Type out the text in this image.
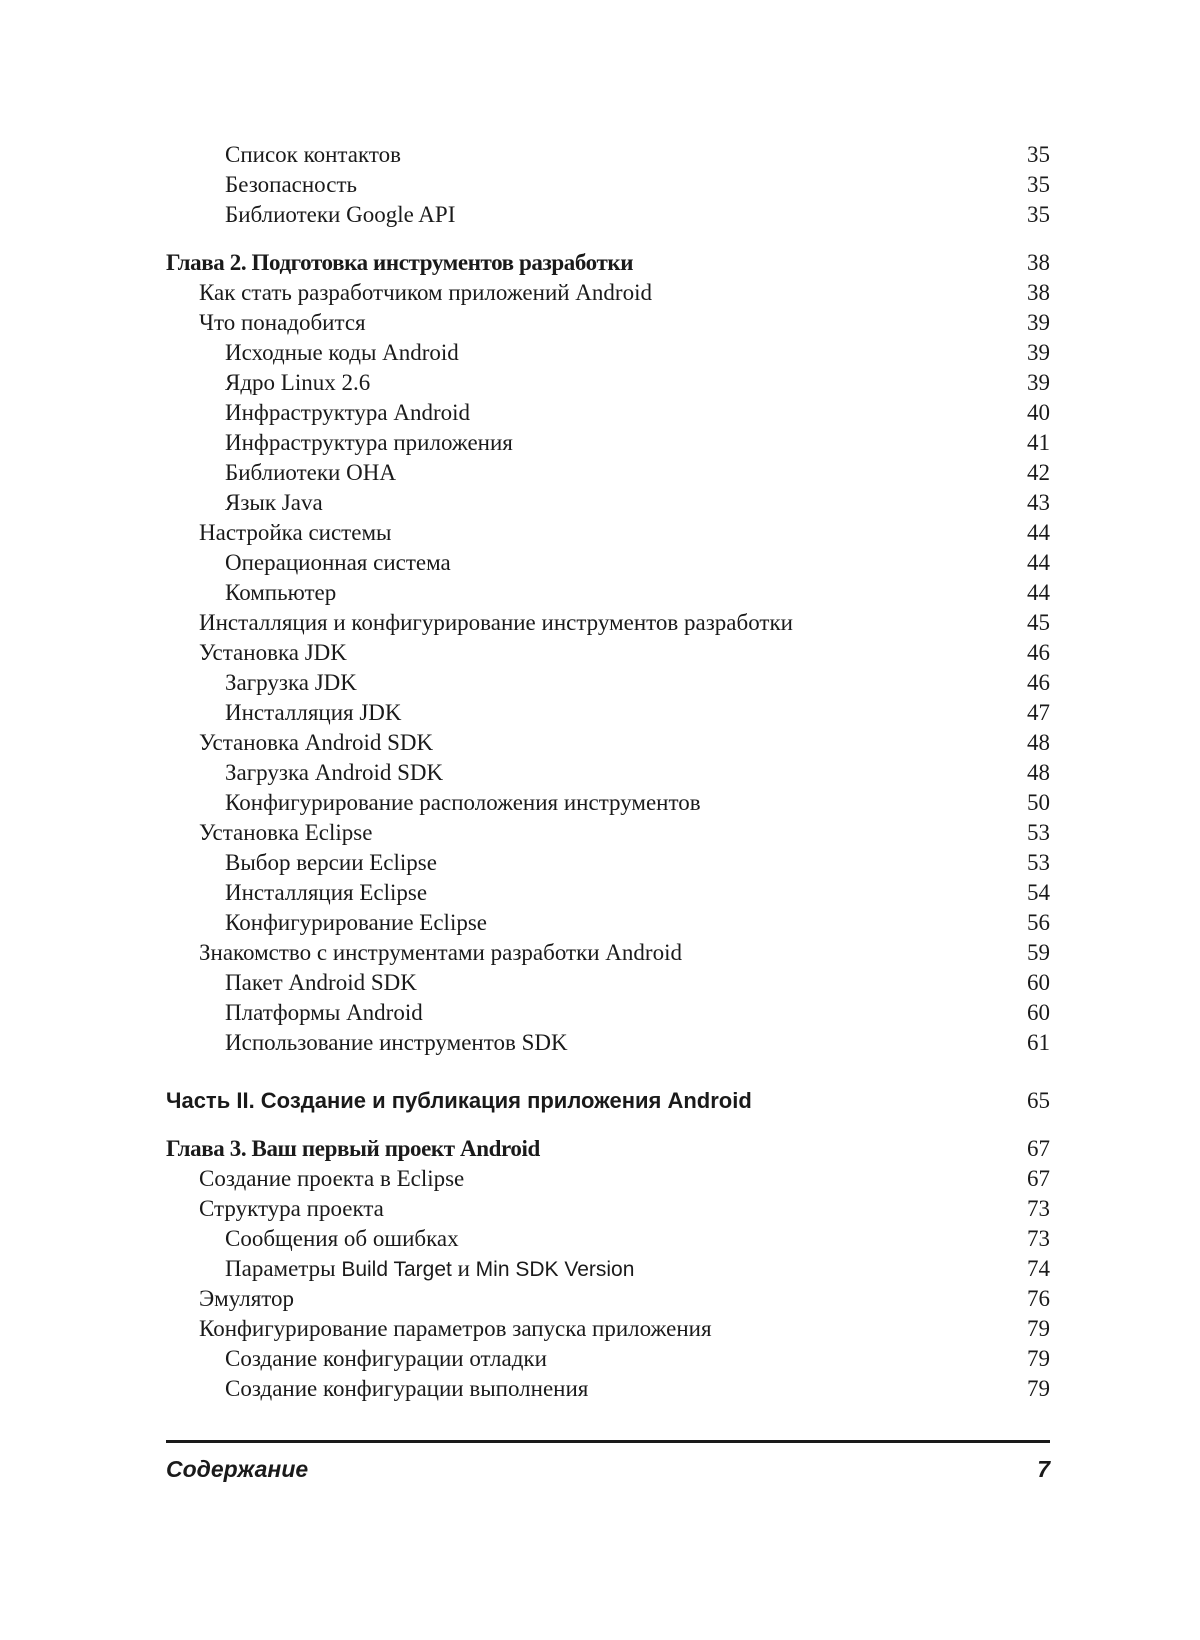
Список контактов	35
Безопасность	35
Библиотеки Google API	35
Глава 2. Подготовка инструментов разработки	38
Как стать разработчиком приложений Android	38
Что понадобится	39
Исходные коды Android	39
Ядро Linux 2.6	39
Инфраструктура Android	40
Инфраструктура приложения	41
Библиотеки OHA	42
Язык Java	43
Настройка системы	44
Операционная система	44
Компьютер	44
Инсталляция и конфигурирование инструментов разработки	45
Установка JDK	46
Загрузка JDK	46
Инсталляция JDK	47
Установка Android SDK	48
Загрузка Android SDK	48
Конфигурирование расположения инструментов	50
Установка Eclipse	53
Выбор версии Eclipse	53
Инсталляция Eclipse	54
Конфигурирование Eclipse	56
Знакомство с инструментами разработки Android	59
Пакет Android SDK	60
Платформы Android	60
Использование инструментов SDK	61
Часть II. Создание и публикация приложения Android	65
Глава 3. Ваш первый проект Android	67
Создание проекта в Eclipse	67
Структура проекта	73
Сообщения об ошибках	73
Параметры Build Target и Min SDK Version	74
Эмулятор	76
Конфигурирование параметров запуска приложения	79
Создание конфигурации отладки	79
Создание конфигурации выполнения	79
Содержание	7
